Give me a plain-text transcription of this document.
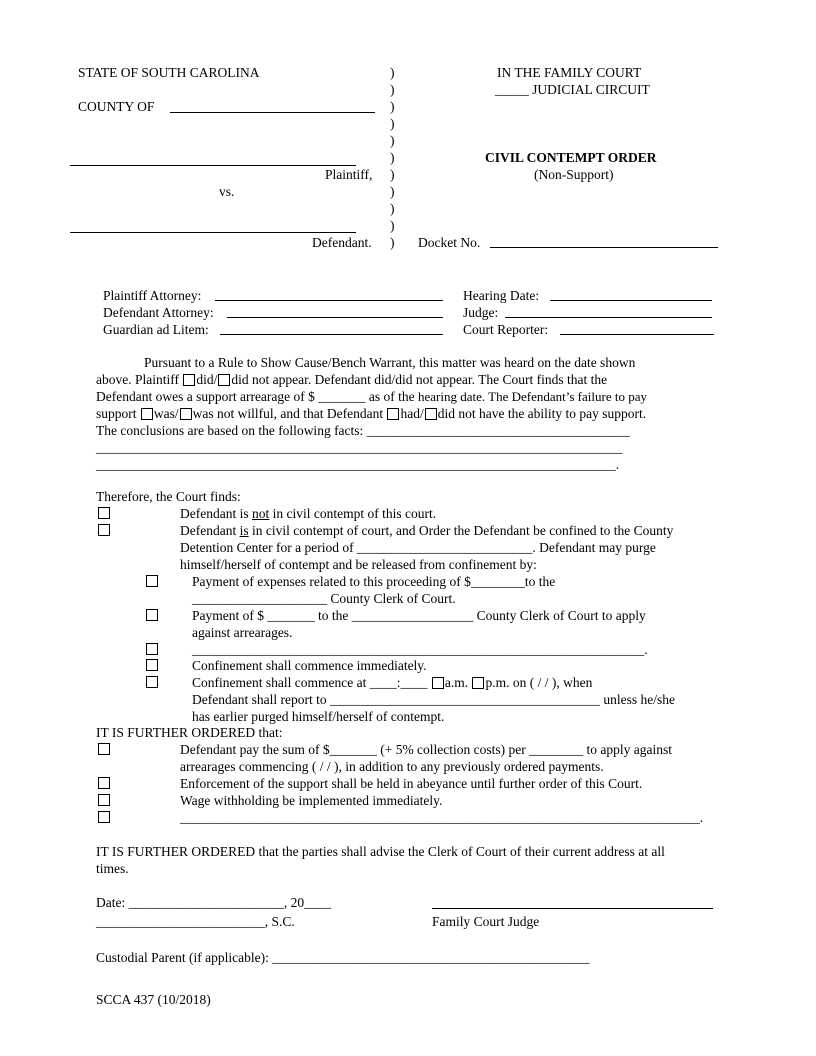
STATE OF SOUTH CAROLINA
COUNTY OF
Plaintiff,
vs.
Defendant.
)
)
)
)
)
)
)
)
)
)
)
IN THE FAMILY COURT
_____ JUDICIAL CIRCUIT
CIVIL CONTEMPT ORDER
(Non-Support)
Docket No.
Plaintiff Attorney:
Defendant Attorney:
Guardian ad Litem:
Hearing Date:
Judge:
Court Reporter:
Pursuant to a Rule to Show Cause/Bench Warrant, this matter was heard on the date shown
above. Plaintiff did/ did not appear. Defendant did/did not appear. The Court finds that the
Defendant owes a support arrearage of $ _______ as of the hearing date. The Defendant’s failure to pay
support was/ was not willful, and that Defendant had/ did not have the ability to pay support.
The conclusions are based on the following facts: _______________________________________
______________________________________________________________________________
_____________________________________________________________________________.
Therefore, the Court finds:
Defendant is not in civil contempt of this court.
Defendant is in civil contempt of court, and Order the Defendant be confined to the County
Detention Center for a period of __________________________. Defendant may purge
himself/herself of contempt and be released from confinement by:
Payment of expenses related to this proceeding of $________to the
____________________ County Clerk of Court.
Payment of $ _______ to the __________________ County Clerk of Court to apply
against arrearages.
___________________________________________________________________.
Confinement shall commence immediately.
Confinement shall commence at ____:____ a.m. p.m. on ( / / ), when
Defendant shall report to ________________________________________ unless he/she
has earlier purged himself/herself of contempt.
IT IS FURTHER ORDERED that:
Defendant pay the sum of $_______ (+ 5% collection costs) per ________ to apply against
arrearages commencing ( / / ), in addition to any previously ordered payments.
Enforcement of the support shall be held in abeyance until further order of this Court.
Wage withholding be implemented immediately.
_____________________________________________________________________________.
IT IS FURTHER ORDERED that the parties shall advise the Clerk of Court of their current address at all
times.
Date: _______________________, 20____
_________________________, S.C.	Family Court Judge
Custodial Parent (if applicable): _______________________________________________
SCCA 437 (10/2018)
